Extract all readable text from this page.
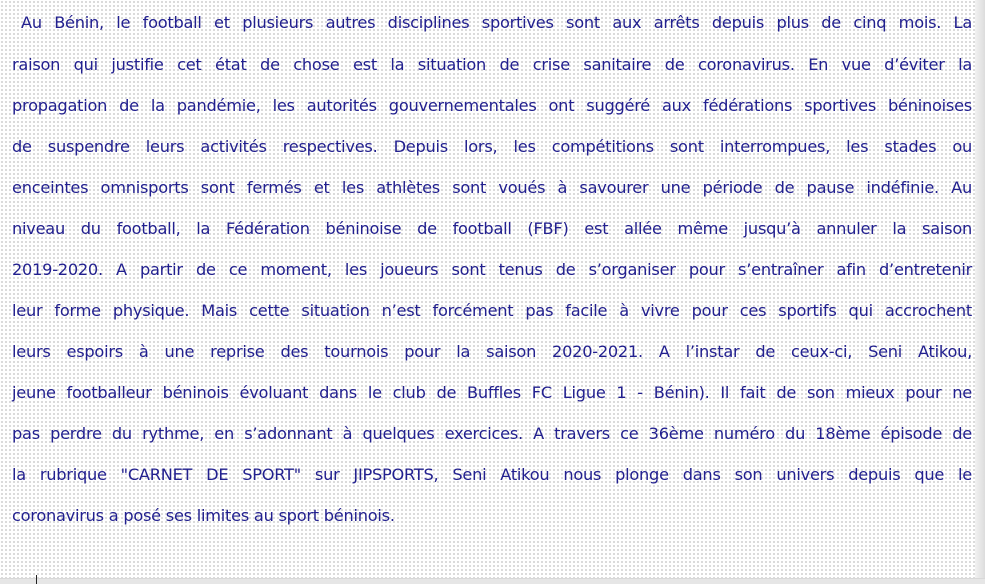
Au Bénin, le football et plusieurs autres disciplines sportives sont aux arrêts depuis plus de cinq mois. La
raison qui justifie cet état de chose est la situation de crise sanitaire de coronavirus. En vue d’éviter la
propagation de la pandémie, les autorités gouvernementales ont suggéré aux fédérations sportives béninoises
de suspendre leurs activités respectives. Depuis lors, les compétitions sont interrompues, les stades ou
enceintes omnisports sont fermés et les athlètes sont voués à savourer une période de pause indéfinie. Au
niveau du football, la Fédération béninoise de football (FBF) est allée même jusqu’à annuler la saison
2019-2020. A partir de ce moment, les joueurs sont tenus de s’organiser pour s’entraîner afin d’entretenir
leur forme physique. Mais cette situation n’est forcément pas facile à vivre pour ces sportifs qui accrochent
leurs espoirs à une reprise des tournois pour la saison 2020-2021. A l’instar de ceux-ci, Seni Atikou,
jeune footballeur béninois évoluant dans le club de Buffles FC Ligue 1 - Bénin). Il fait de son mieux pour ne
pas perdre du rythme, en s’adonnant à quelques exercices. A travers ce 36ème numéro du 18ème épisode de
la rubrique "CARNET DE SPORT" sur JIPSPORTS, Seni Atikou nous plonge dans son univers depuis que le
coronavirus a posé ses limites au sport béninois.
